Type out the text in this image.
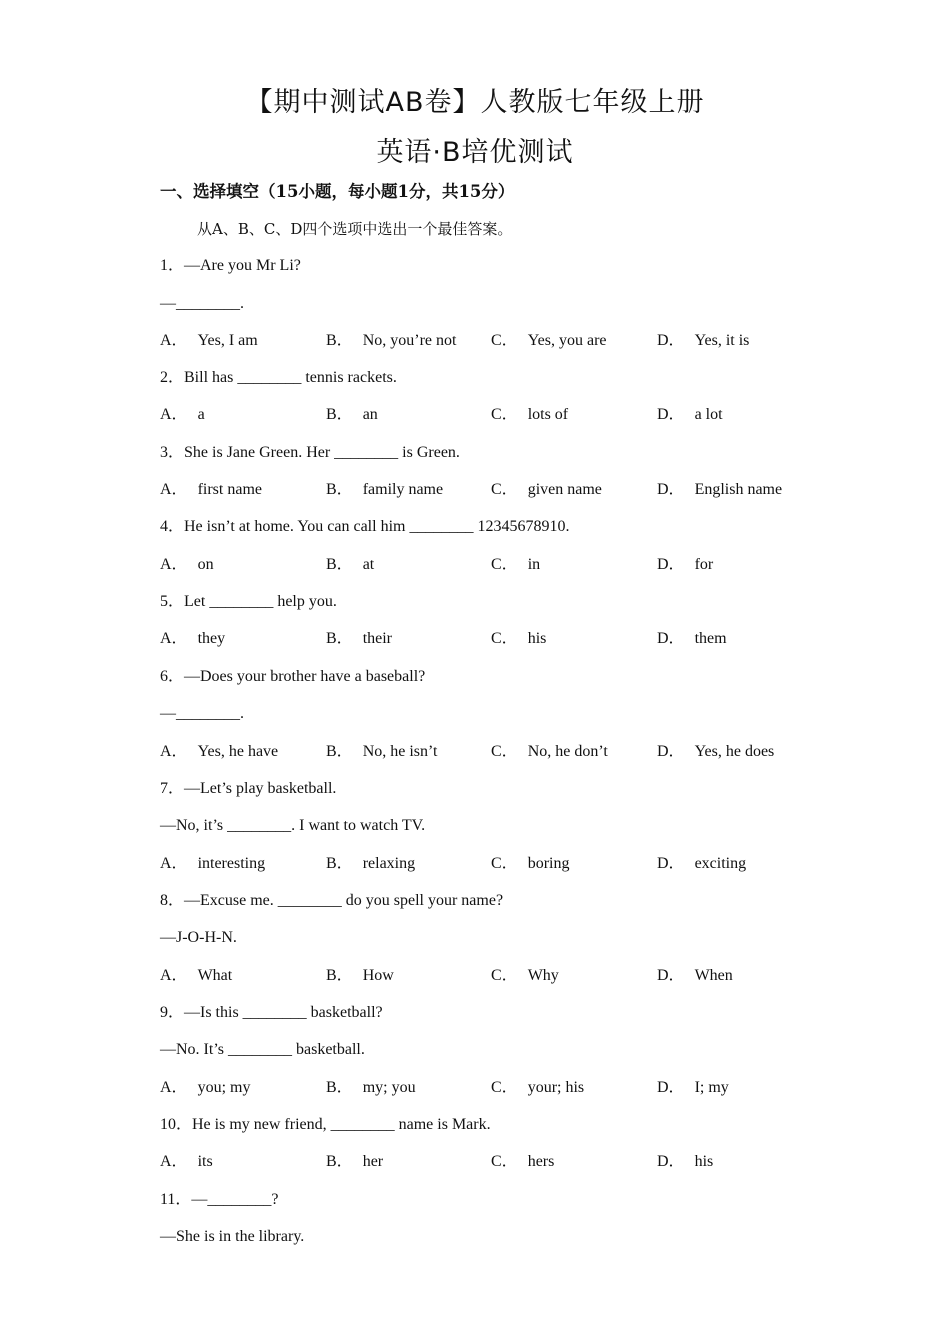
【期中测试AB卷】人教版七年级上册
英语·B培优测试
一、选择填空（15小题，每小题1分，共15分）
从A、B、C、D四个选项中选出一个最佳答案。
1．—Are you Mr Li?
—________.
A． Yes, I am	B． No, you’re not C． Yes, you are	D． Yes, it is
2．Bill has ________ tennis rackets.
A． a	B． an	C． lots of	D． a lot
3．She is Jane Green. Her ________ is Green.
A． first name	B． family name	C． given name	D． English name
4．He isn’t at home. You can call him ________ 12345678910.
A． on	B． at	C． in	D． for
5．Let ________ help you.
A． they	B． their	C． his	D． them
6．—Does your brother have a baseball?
—________.
A． Yes, he have	B． No, he isn’t	C． No, he don’t	D． Yes, he does
7．—Let’s play basketball.
—No, it’s ________. I want to watch TV.
A． interesting	B． relaxing	C． boring	D． exciting
8．—Excuse me. ________ do you spell your name?
—J-O-H-N.
A． What	B． How	C． Why	D． When
9．—Is this ________ basketball?
—No. It’s ________ basketball.
A． you; my	B． my; you	C． your; his	D． I; my
10．He is my new friend, ________ name is Mark.
A． its	B． her	C． hers	D． his
11．—________?
—She is in the library.
